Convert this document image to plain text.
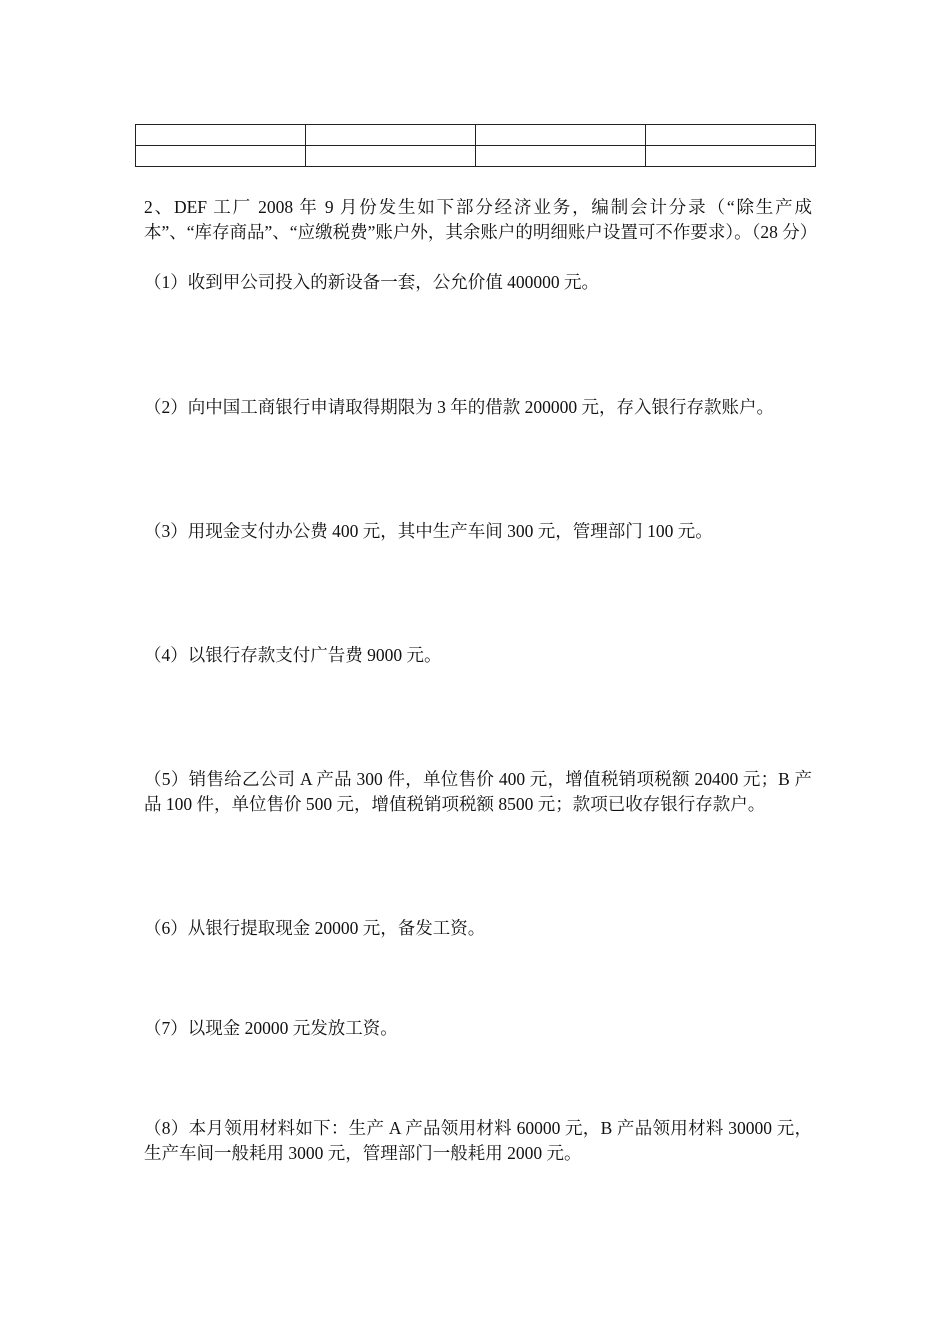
2、DEF 工厂 2008 年 9 月份发生如下部分经济业务，编制会计分录（“除生产成本”、“库存商品”、“应缴税费”账户外，其余账户的明细账户设置可不作要求）。（28 分）

（1）收到甲公司投入的新设备一套，公允价值 400000 元。

（2）向中国工商银行申请取得期限为 3 年的借款 200000 元，存入银行存款账户。

（3）用现金支付办公费 400 元，其中生产车间 300 元，管理部门 100 元。

（4）以银行存款支付广告费 9000 元。

（5）销售给乙公司 A 产品 300 件，单位售价 400 元，增值税销项税额 20400 元；B 产品 100 件，单位售价 500 元，增值税销项税额 8500 元；款项已收存银行存款户。

（6）从银行提取现金 20000 元，备发工资。

（7）以现金 20000 元发放工资。

（8）本月领用材料如下：生产 A 产品领用材料 60000 元，B 产品领用材料 30000 元，生产车间一般耗用 3000 元，管理部门一般耗用 2000 元。
